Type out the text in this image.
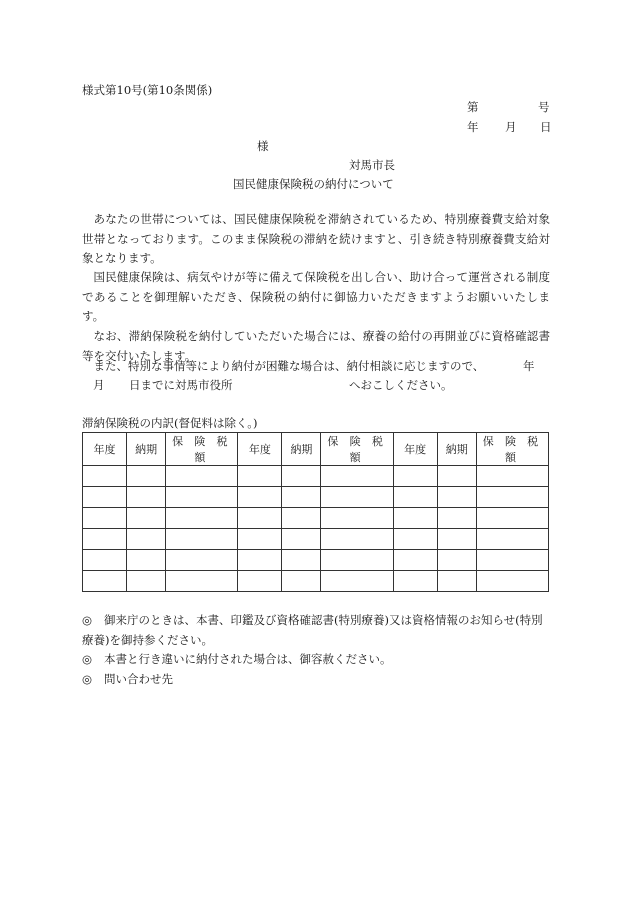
様式第10号(第10条関係)
第	号
年 月 日
様
対馬市長
国民健康保険税の納付について
あなたの世帯については、国民健康保険税を滞納されているため、特別療養費支給対象世帯となっております。このまま保険税の滞納を続けますと、引き続き特別療養費支給対象となります。
国民健康保険は、病気やけが等に備えて保険税を出し合い、助け合って運営される制度であることを御理解いただき、保険税の納付に御協力いただきますようお願いいたします。
なお、滞納保険税を納付していただいた場合には、療養の給付の再開並びに資格確認書等を交付いたします。
　また、特別な事情等により納付が困難な場合は、納付相談に応じますので、	年
月 日までに対馬市役所	へおこしください。
滞納保険税の内訳(督促料は除く。)
年度	納期	保 険 税 額	年度	納期	保 険 税 額	年度	納期	保 険 税 額

◎ 御来庁のときは、本書、印鑑及び資格確認書(特別療養)又は資格情報のお知らせ(特別療養)を御持参ください。
◎ 本書と行き違いに納付された場合は、御容赦ください。
◎ 問い合わせ先
